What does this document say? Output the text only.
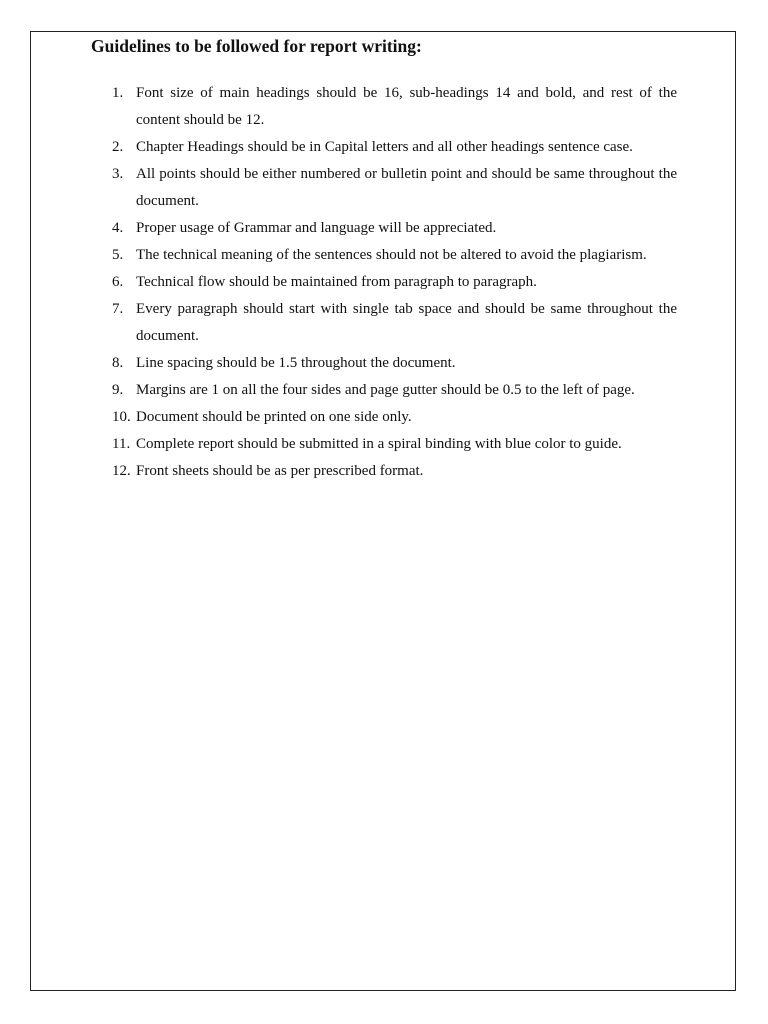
Guidelines to be followed for report writing:
1. Font size of main headings should be 16, sub-headings 14 and bold, and rest of the content should be 12.
2. Chapter Headings should be in Capital letters and all other headings sentence case.
3. All points should be either numbered or bulletin point and should be same throughout the document.
4. Proper usage of Grammar and language will be appreciated.
5. The technical meaning of the sentences should not be altered to avoid the plagiarism.
6. Technical flow should be maintained from paragraph to paragraph.
7. Every paragraph should start with single tab space and should be same throughout the document.
8. Line spacing should be 1.5 throughout the document.
9. Margins are 1 on all the four sides and page gutter should be 0.5 to the left of page.
10. Document should be printed on one side only.
11. Complete report should be submitted in a spiral binding with blue color to guide.
12. Front sheets should be as per prescribed format.
